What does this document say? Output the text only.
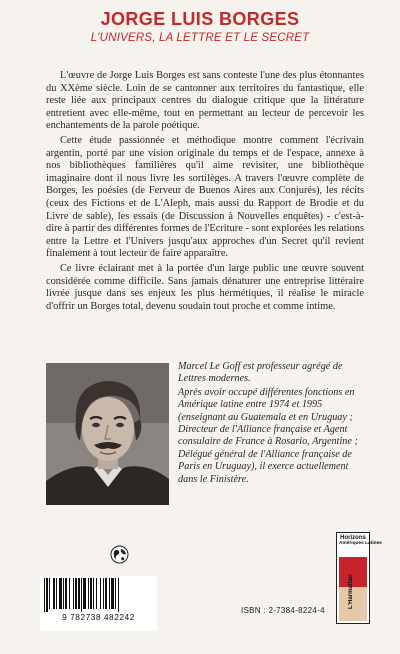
JORGE LUIS BORGES
L'UNIVERS, LA LETTRE ET LE SECRET

L'œuvre de Jorge Luis Borges est sans conteste l'une des plus étonnantes du XXème siècle. Loin de se cantonner aux territoires du fantastique, elle reste liée aux principaux centres du dialogue critique que la littérature entretient avec elle-même, tout en permettant au lecteur de percevoir les enchantements de la parole poétique.

Cette étude passionnée et méthodique montre comment l'écrivain argentin, porté par une vision originale du temps et de l'espace, annexe à nos bibliothèques familières qu'il aime revisiter, une bibliothèque imaginaire dont il nous livre les sortilèges. A travers l'œuvre complète de Borges, les poésies (de Ferveur de Buenos Aires aux Conjurés), les récits (ceux des Fictions et de L'Aleph, mais aussi du Rapport de Brodie et du Livre de sable), les essais (de Discussion à Nouvelles enquêtes) - c'est-à-dire à partir des différentes formes de l'Ecriture - sont explorées les relations entre la Lettre et l'Univers jusqu'aux approches d'un Secret qu'il revient finalement à tout lecteur de faire apparaître.

Ce livre éclairant met à la portée d'un large public une œuvre souvent considérée comme difficile. Sans jamais dénaturer une entreprise littéraire livrée jusque dans ses enjeux les plus hermétiques, il réalise le miracle d'offrir un Borges total, devenu soudain tout proche et comme intime.

Marcel Le Goff est professeur agrégé de Lettres modernes.

Après avoir occupé différentes fonctions en Amérique latine entre 1974 et 1995 (enseignant au Guatemala et en Uruguay ; Directeur de l'Alliance française et Agent consulaire de France à Rosario, Argentine ; Délégué général de l'Alliance française de Paris en Uruguay), il exerce actuellement dans le Finistère.

Horizons
Amériques Latines
L'Harmattan
9 782738 482242
ISBN : 2-7384-8224-4
